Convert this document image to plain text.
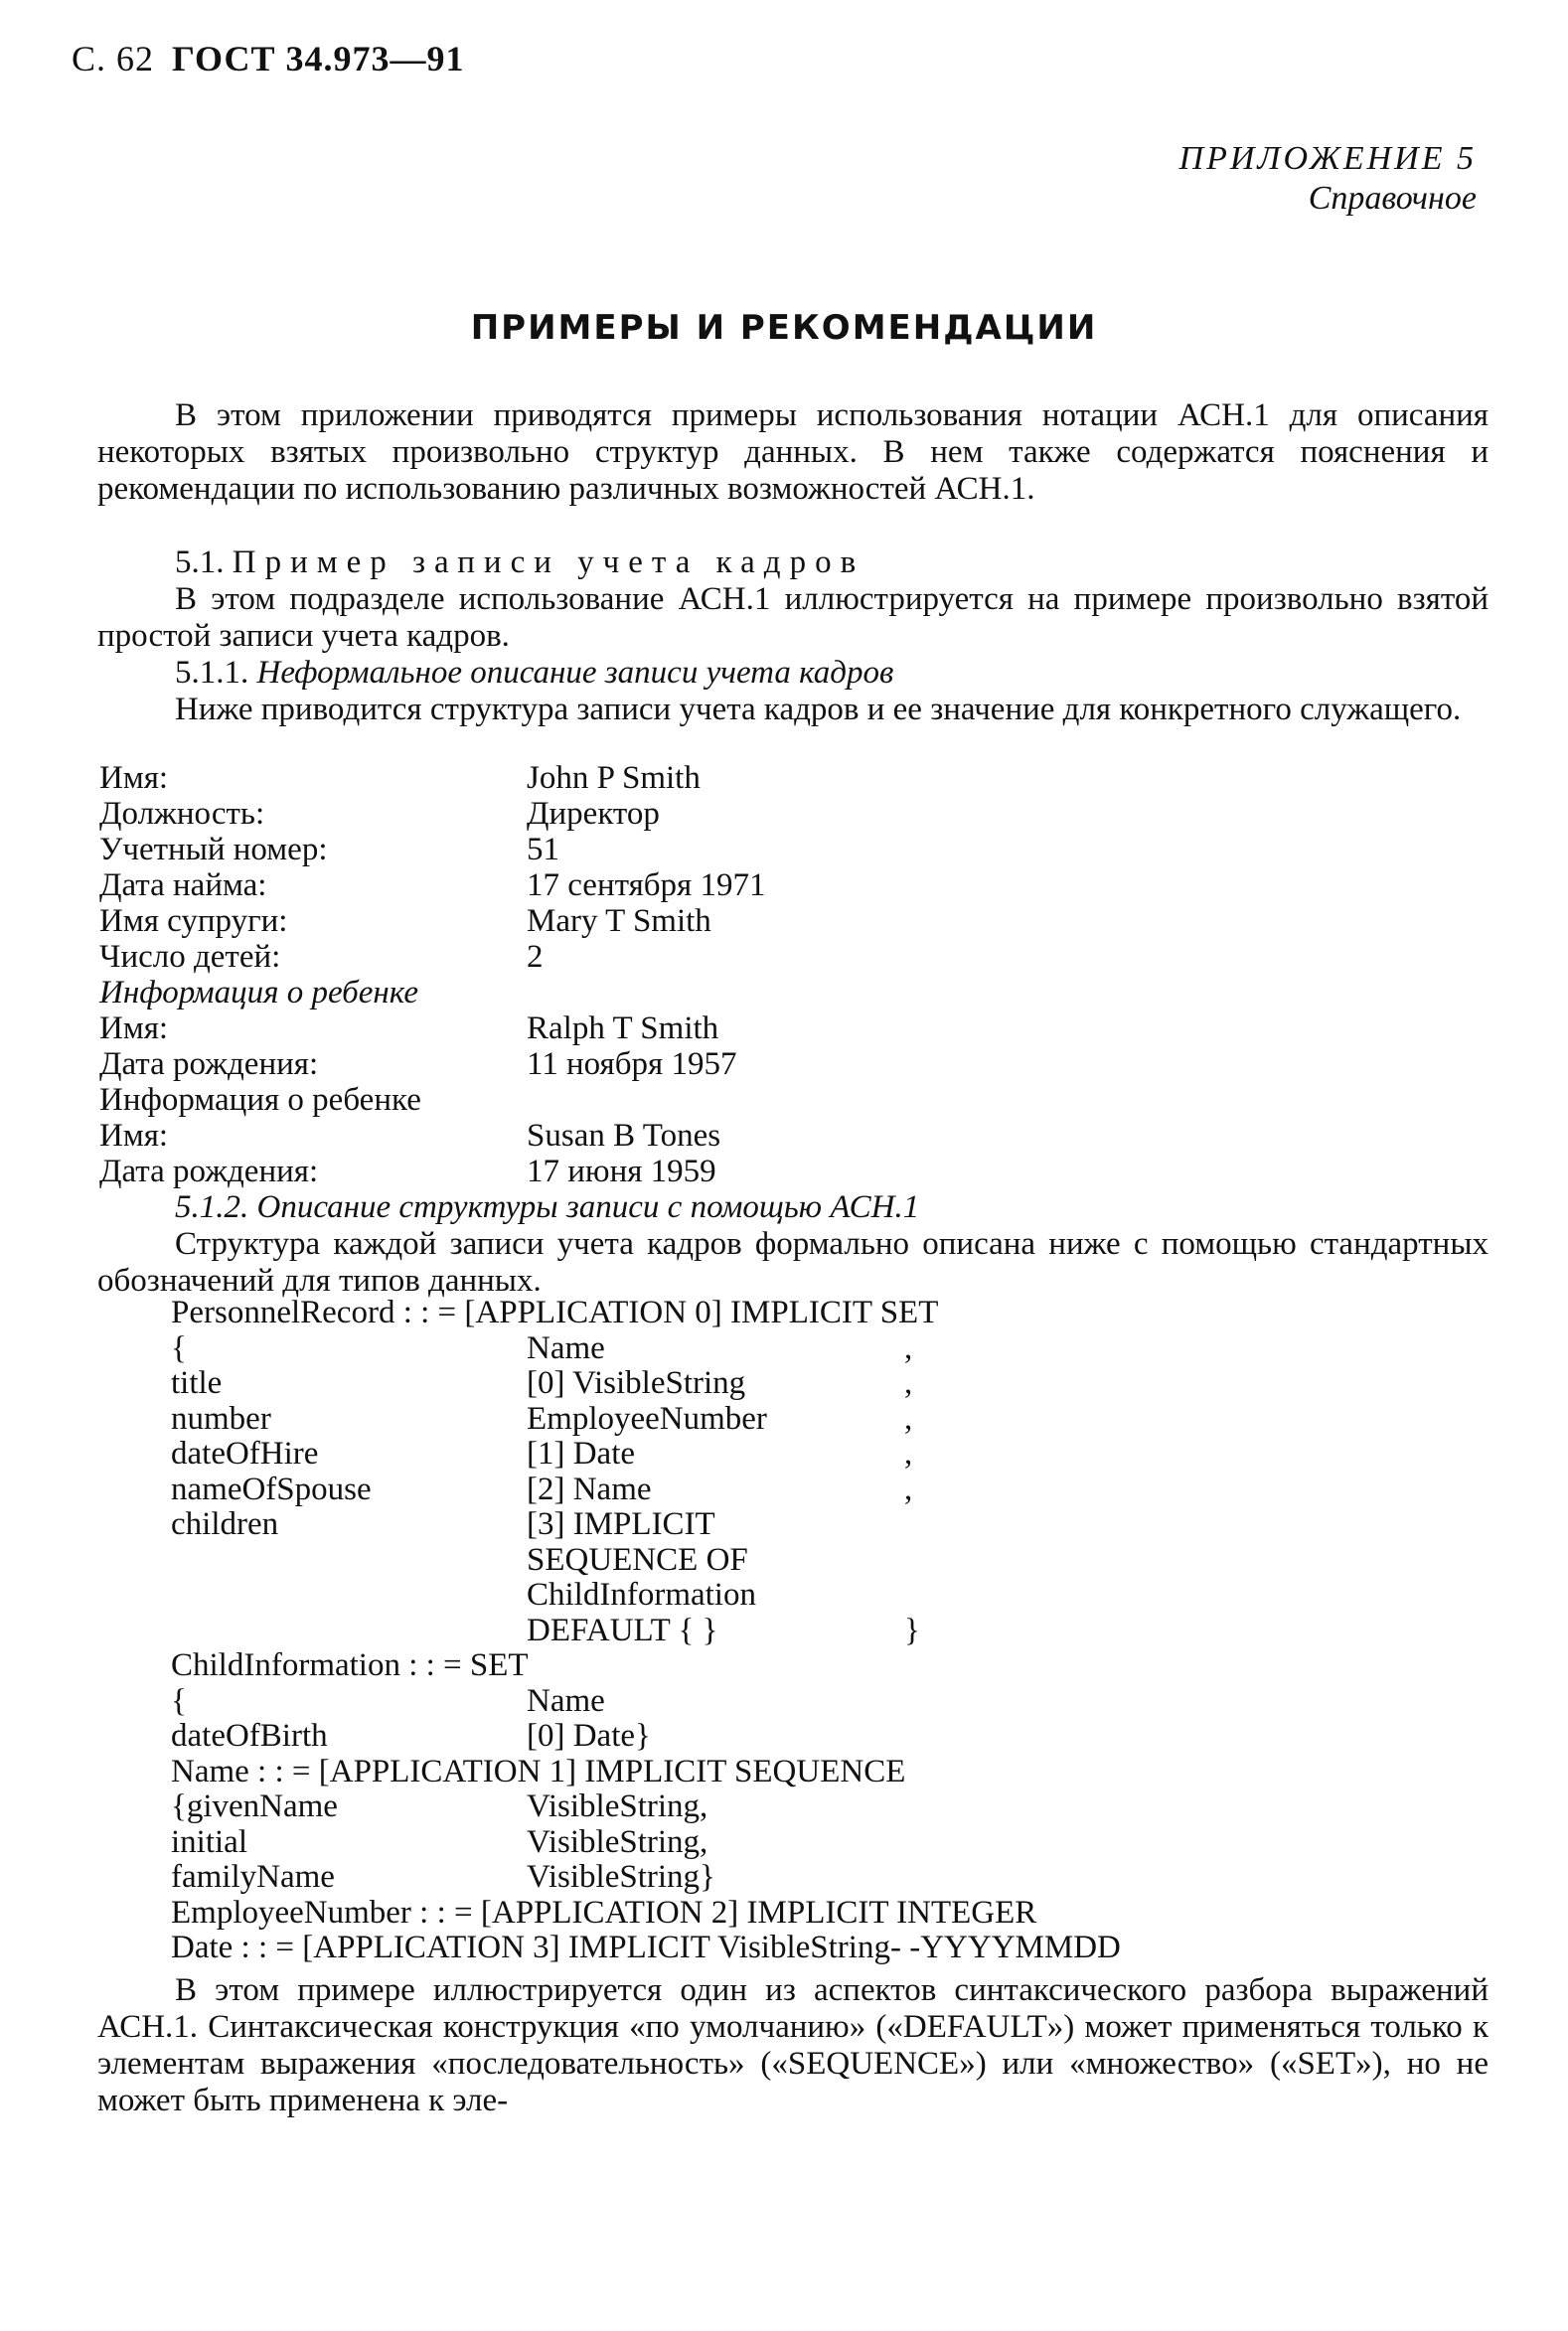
С. 62 ГОСТ 34.973—91
ПРИЛОЖЕНИЕ 5
Справочное
ПРИМЕРЫ И РЕКОМЕНДАЦИИ
В этом приложении приводятся примеры использования нотации АСН.1 для описания некоторых взятых произвольно структур данных. В нем также содержатся пояснения и рекомендации по использованию различных возможностей АСН.1.
5.1. Пример записи учета кадров
В этом подразделе использование АСН.1 иллюстрируется на примере произвольно взятой простой записи учета кадров.
5.1.1. Неформальное описание записи учета кадров
Ниже приводится структура записи учета кадров и ее значение для конкретного служащего.
Имя:	John P Smith
Должность:	Директор
Учетный номер:	51
Дата найма:	17 сентября 1971
Имя супруги:	Mary T Smith
Число детей:	2
Информация о ребенке
Имя:	Ralph T Smith
Дата рождения:	11 ноября 1957
Информация о ребенке
Имя:	Susan B Tones
Дата рождения:	17 июня 1959
5.1.2. Описание структуры записи с помощью АСН.1
Структура каждой записи учета кадров формально описана ниже с помощью стандартных обозначений для типов данных.
PersonnelRecord : : = [APPLICATION 0] IMPLICIT SET
{	Name	,
title	[0] VisibleString	,
number	EmployeeNumber	,
dateOfHire	[1] Date	,
nameOfSpouse	[2] Name	,
children	[3] IMPLICIT
SEQUENCE OF
ChildInformation
DEFAULT { }	}
ChildInformation : : = SET
{	Name
dateOfBirth	[0] Date}
Name : : = [APPLICATION 1] IMPLICIT SEQUENCE
{givenName	VisibleString,
initial	VisibleString,
familyName	VisibleString}
EmployeeNumber : : = [APPLICATION 2] IMPLICIT INTEGER
Date : : = [APPLICATION 3] IMPLICIT VisibleString- -YYYYMMDD
В этом примере иллюстрируется один из аспектов синтаксического разбора выражений АСН.1. Синтаксическая конструкция «по умолчанию» («DEFAULT») может применяться только к элементам выражения «последовательность» («SEQUENCE») или «множество» («SET»), но не может быть применена к эле-
